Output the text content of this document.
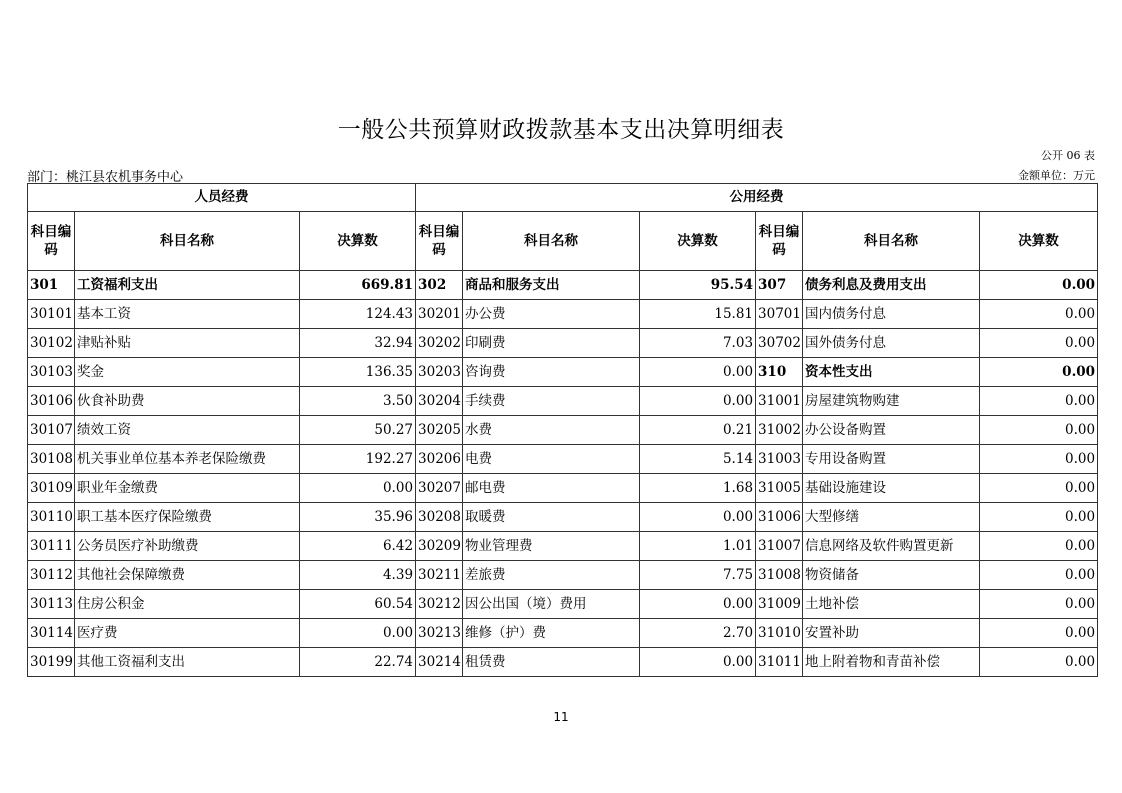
一般公共预算财政拨款基本支出决算明细表
公开 06 表
部门：桃江县农机事务中心	金额单位：万元
人员经费			公用经费					
科目编码	科目名称	决算数	科目编码	科目名称	决算数	科目编码	科目名称	决算数
301	工资福利支出	669.81	302	商品和服务支出	95.54	307	债务利息及费用支出	0.00
30101	基本工资	124.43	30201	办公费	15.81	30701	国内债务付息	0.00
30102	津贴补贴	32.94	30202	印刷费	7.03	30702	国外债务付息	0.00
30103	奖金	136.35	30203	咨询费	0.00	310	资本性支出	0.00
30106	伙食补助费	3.50	30204	手续费	0.00	31001	房屋建筑物购建	0.00
30107	绩效工资	50.27	30205	水费	0.21	31002	办公设备购置	0.00
30108	机关事业单位基本养老保险缴费	192.27	30206	电费	5.14	31003	专用设备购置	0.00
30109	职业年金缴费	0.00	30207	邮电费	1.68	31005	基础设施建设	0.00
30110	职工基本医疗保险缴费	35.96	30208	取暖费	0.00	31006	大型修缮	0.00
30111	公务员医疗补助缴费	6.42	30209	物业管理费	1.01	31007	信息网络及软件购置更新	0.00
30112	其他社会保障缴费	4.39	30211	差旅费	7.75	31008	物资储备	0.00
30113	住房公积金	60.54	30212	因公出国（境）费用	0.00	31009	土地补偿	0.00
30114	医疗费	0.00	30213	维修（护）费	2.70	31010	安置补助	0.00
30199	其他工资福利支出	22.74	30214	租赁费	0.00	31011	地上附着物和青苗补偿	0.00
11
